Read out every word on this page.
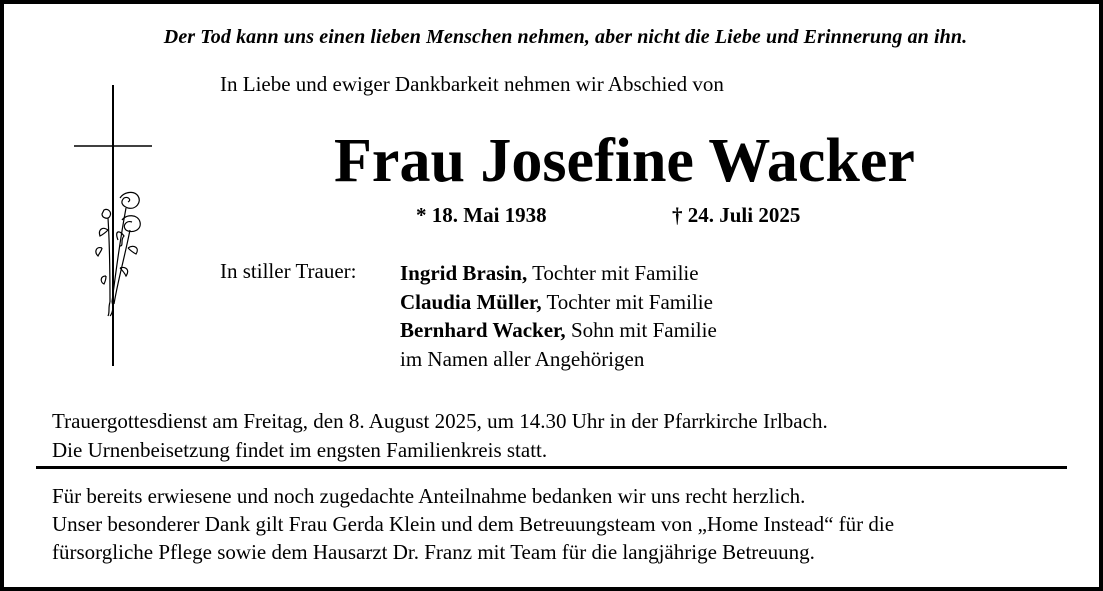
Der Tod kann uns einen lieben Menschen nehmen, aber nicht die Liebe und Erinnerung an ihn.
In Liebe und ewiger Dankbarkeit nehmen wir Abschied von
Frau Josefine Wacker
* 18. Mai 1938	† 24. Juli 2025
In stiller Trauer: Ingrid Brasin, Tochter mit Familie
Claudia Müller, Tochter mit Familie
Bernhard Wacker, Sohn mit Familie
im Namen aller Angehörigen
Trauergottesdienst am Freitag, den 8. August 2025, um 14.30 Uhr in der Pfarrkirche Irlbach.
Die Urnenbeisetzung findet im engsten Familienkreis statt.
Für bereits erwiesene und noch zugedachte Anteilnahme bedanken wir uns recht herzlich.
Unser besonderer Dank gilt Frau Gerda Klein und dem Betreuungsteam von „Home Instead“ für die
fürsorgliche Pflege sowie dem Hausarzt Dr. Franz mit Team für die langjährige Betreuung.
